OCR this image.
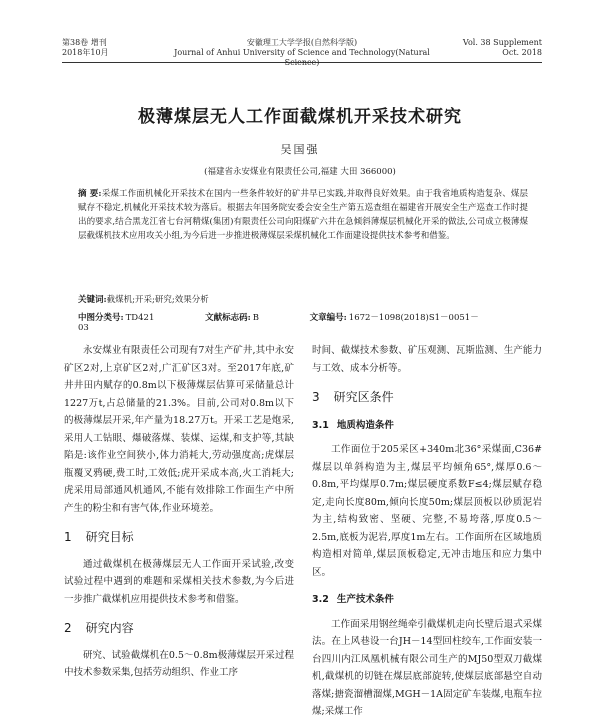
第38卷 增刊
2018年10月
安徽理工大学学报(自然科学版)
Journal of Anhui University of Science and Technology(Natural Science)
Vol. 38 Supplement
Oct. 2018
极薄煤层无人工作面截煤机开采技术研究
吴国强
(福建省永安煤业有限责任公司,福建 大田 366000)
摘 要:采煤工作面机械化开采技术在国内一些条件较好的矿井早已实践,并取得良好效果。由于我省地质构造复杂、煤层赋存不稳定,机械化开采技术较为落后。根据去年国务院安委会安全生产第五巡查组在福建省开展安全生产巡查工作时提出的要求,结合黑龙江省七台河精煤(集团)有限责任公司向阳煤矿六井在急倾斜薄煤层机械化开采的做法,公司成立极薄煤层截煤机技术应用攻关小组,为今后进一步推进极薄煤层采煤机械化工作面建设提供技术参考和借鉴。
关键词:截煤机;开采;研究;效果分析
中图分类号: TD421	文献标志码: B	文章编号: 1672－1098(2018)S1－0051－03

永安煤业有限责任公司现有7对生产矿井,其中永安矿区2对,上京矿区2对,广汇矿区3对。至2017年底,矿井井田内赋存的0.8m以下极薄煤层估算可采储量总计1227万t,占总储量的21.3%。目前,公司对0.8m以下的极薄煤层开采,年产量为18.27万t。开采工艺是炮采,采用人工钻眼、爆破落煤、装煤、运煤,和支护等,其缺陷是:该作业空间狭小,体力消耗大,劳动强度高;虎煤层瓶覆叉鸦硬,费工时,工效低;虎开采成本高,火工消耗大;虎采用局部通风机通风,不能有效排除工作面生产中所产生的粉尘和有害气体,作业环境差。

1 研究目标

通过截煤机在极薄煤层无人工作面开采试验,改变试验过程中遇到的难题和采煤相关技术参数,为今后进一步推广截煤机应用提供技术参考和借鉴。

2 研究内容

研究、试验截煤机在0.5～0.8m极薄煤层开采过程中技术参数采集,包括劳动组织、作业工序

时间、截煤技术参数、矿压观测、瓦斯监测、生产能力与工效、成本分析等。

3 研究区条件
3.1 地质构造条件

工作面位于205采区+340m北36°采煤面,C36#煤层以单斜构造为主,煤层平均倾角65°,煤厚0.6～0.8m,平均煤厚0.7m;煤层硬度系数F≤4;煤层赋存稳定,走向长度80m,倾向长度50m;煤层顶板以砂质泥岩为主,结构致密、坚硬、完整,不易垮落,厚度0.5～2.5m,底板为泥岩,厚度1m左右。工作面所在区域地质构造相对简单,煤层顶板稳定,无冲击地压和应力集中区。

3.2 生产技术条件

工作面采用钢丝绳牵引截煤机走向长壁后退式采煤法。在上风巷设一台JH－14型回柱绞车,工作面安装一台四川内江凤凰机械有限公司生产的MJ50型双刀截煤机,截煤机的切链在煤层底部旋转,使煤层底部悬空自动落煤;搪瓷溜槽溜煤,MGH－1A固定矿车装煤,电瓶车拉煤;采煤工作
